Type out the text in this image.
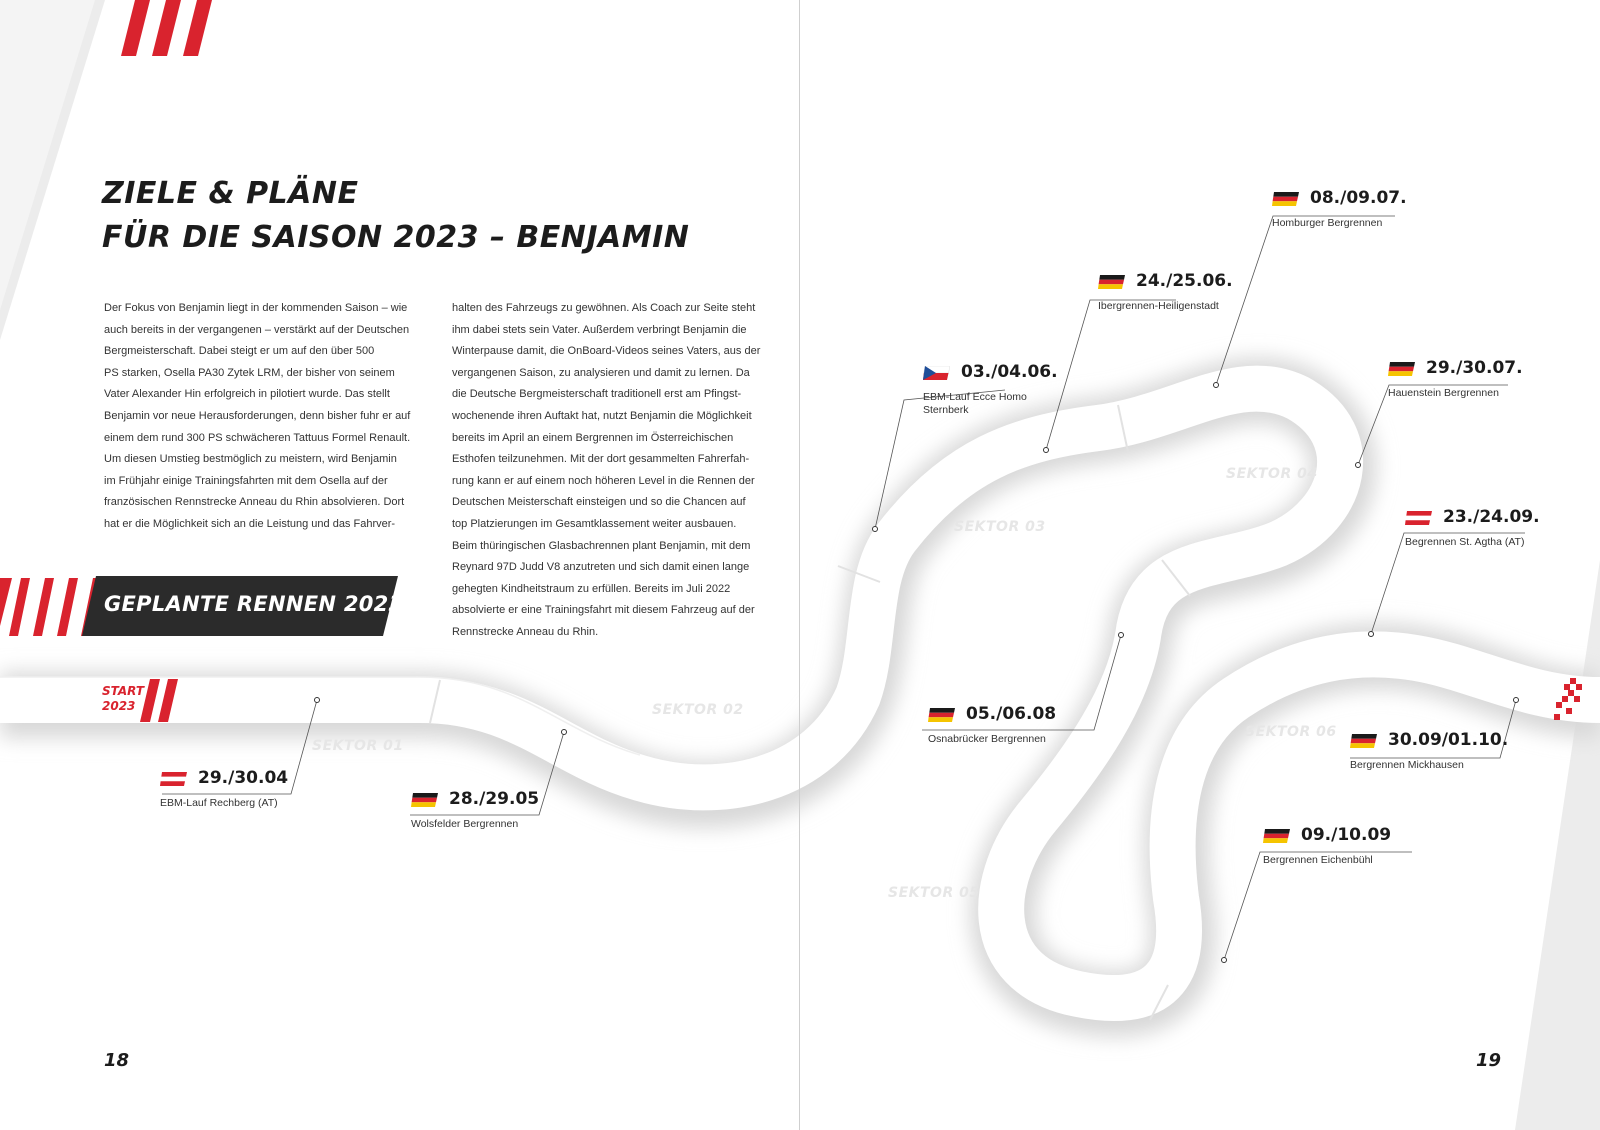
ZIELE & PLÄNE
FÜR DIE SAISON 2023 – BENJAMIN

Der Fokus von Benjamin liegt in der kommenden Saison – wie

auch bereits in der vergangenen – verstärkt auf der Deutschen

Bergmeisterschaft. Dabei steigt er um auf den über 500

PS starken, Osella PA30 Zytek LRM, der bisher von seinem

Vater Alexander Hin erfolgreich in pilotiert wurde. Das stellt

Benjamin vor neue Herausforderungen, denn bisher fuhr er auf

einem dem rund 300 PS schwächeren Tattuus Formel Renault.

Um diesen Umstieg bestmöglich zu meistern, wird Benjamin

im Frühjahr einige Trainingsfahrten mit dem Osella auf der

französischen Rennstrecke Anneau du Rhin absolvieren. Dort

hat er die Möglichkeit sich an die Leistung und das Fahrver-

halten des Fahrzeugs zu gewöhnen. Als Coach zur Seite steht

ihm dabei stets sein Vater. Außerdem verbringt Benjamin die

Winterpause damit, die OnBoard-Videos seines Vaters, aus der

vergangenen Saison, zu analysieren und damit zu lernen. Da

die Deutsche Bergmeisterschaft traditionell erst am Pfingst-

wochenende ihren Auftakt hat, nutzt Benjamin die Möglichkeit

bereits im April an einem Bergrennen im Österreichischen

Esthofen teilzunehmen. Mit der dort gesammelten Fahrerfah-

rung kann er auf einem noch höheren Level in die Rennen der

Deutschen Meisterschaft einsteigen und so die Chancen auf

top Platzierungen im Gesamtklassement weiter ausbauen.

Beim thüringischen Glasbachrennen plant Benjamin, mit dem

Reynard 97D Judd V8 anzutreten und sich damit einen lange

gehegten Kindheitstraum zu erfüllen. Bereits im Juli 2022

absolvierte er eine Trainingsfahrt mit diesem Fahrzeug auf der

Rennstrecke Anneau du Rhin.

GEPLANTE RENNEN 2023
START
2023
SEKTOR 01
SEKTOR 02
SEKTOR 03
SEKTOR 04
SEKTOR 05
SEKTOR 06
29./30.04
EBM-Lauf Rechberg (AT)	28./29.05
Wolsfelder Bergrennen
03./04.06.
EBM-Lauf Ecce Homo
Sternberk
05./06.08
Osnabrücker Bergrennen
24./25.06.
Ibergrennen-Heiligenstadt
08./09.07.
Homburger Bergrennen
29./30.07.
Hauenstein Bergrennen
23./24.09.
Begrennen St. Agtha (AT)
30.09/01.10.
Bergrennen Mickhausen
09./10.09
Bergrennen Eichenbühl
18	19
